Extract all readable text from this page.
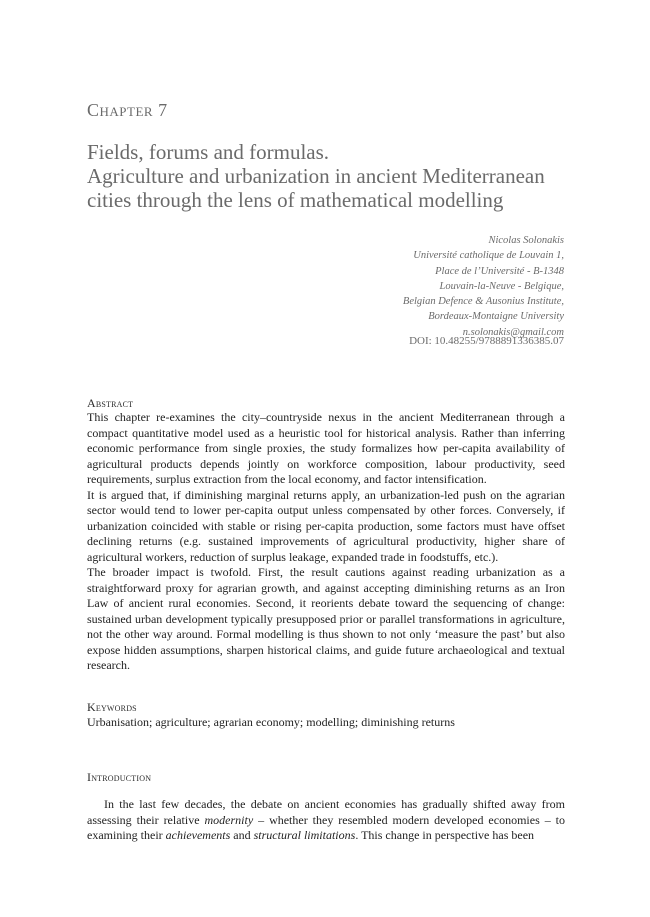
Chapter 7
Fields, forums and formulas.
Agriculture and urbanization in ancient Mediterranean
cities through the lens of mathematical modelling
Nicolas Solonakis
Université catholique de Louvain 1,
Place de l’Université - B-1348
Louvain-la-Neuve - Belgique,
Belgian Defence & Ausonius Institute,
Bordeaux-Montaigne University
n.solonakis@gmail.com
DOI: 10.48255/9788891336385.07
Abstract

This chapter re-examines the city–countryside nexus in the ancient Mediterranean through a compact quantitative model used as a heuristic tool for historical analysis. Rather than inferring economic performance from single proxies, the study formalizes how per-capita availability of agricultural products depends jointly on workforce composition, labour productivity, seed requirements, surplus extraction from the local economy, and factor intensification.

It is argued that, if diminishing marginal returns apply, an urbanization-led push on the agrarian sector would tend to lower per-capita output unless compensated by other forces. Conversely, if urbanization coincided with stable or rising per-capita production, some factors must have offset declining returns (e.g. sustained improvements of agricultural productivity, higher share of agricultural workers, reduction of surplus leakage, expanded trade in foodstuffs, etc.).

The broader impact is twofold. First, the result cautions against reading urbanization as a straightforward proxy for agrarian growth, and against accepting diminishing returns as an Iron Law of ancient rural economies. Second, it reorients debate toward the sequencing of change: sustained urban development typically presupposed prior or parallel transformations in agriculture, not the other way around. Formal modelling is thus shown to not only ‘measure the past’ but also expose hidden assumptions, sharpen historical claims, and guide future archaeological and textual research.

Keywords

Urbanisation; agriculture; agrarian economy; modelling; diminishing returns

Introduction

In the last few decades, the debate on ancient economies has gradually shifted away from assessing their relative modernity – whether they resembled modern developed economies – to examining their achievements and structural limitations. This change in perspective has been
